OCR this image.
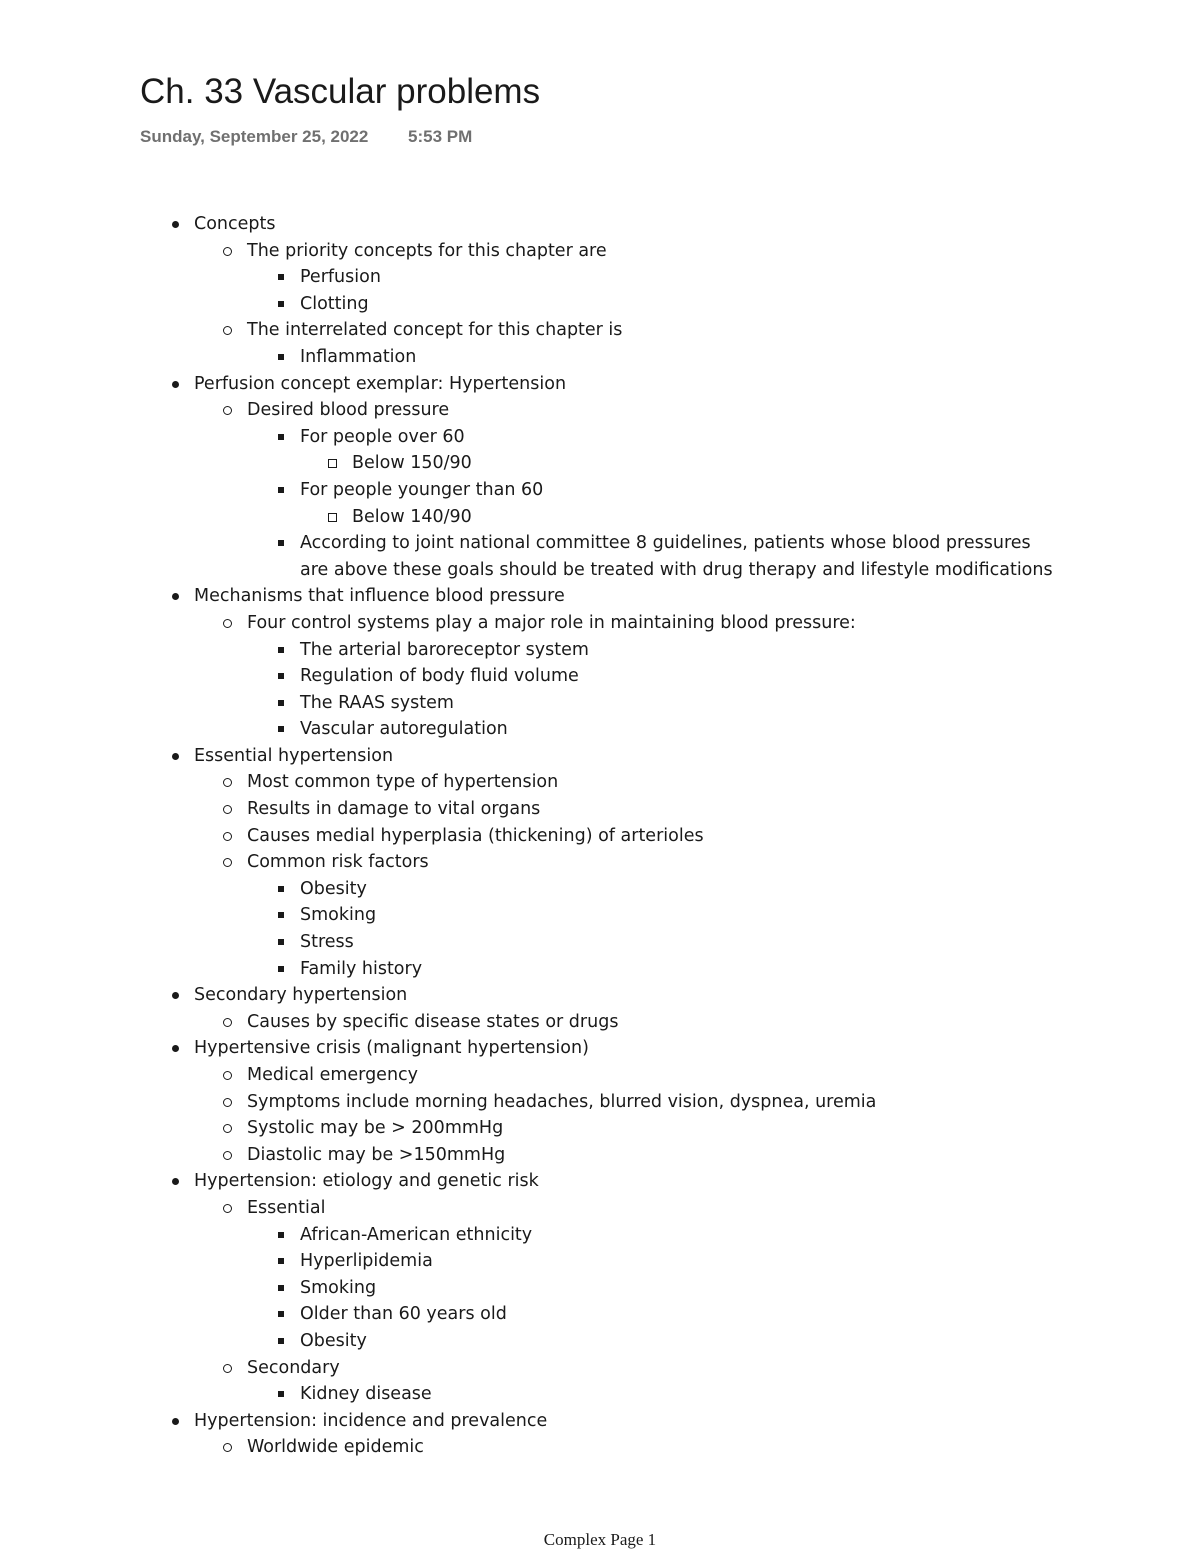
Ch. 33 Vascular problems
Sunday, September 25, 2022 5:53 PM
Concepts
The priority concepts for this chapter are
Perfusion
Clotting
The interrelated concept for this chapter is
Inflammation
Perfusion concept exemplar: Hypertension
Desired blood pressure
For people over 60
Below 150/90
For people younger than 60
Below 140/90
According to joint national committee 8 guidelines, patients whose blood pressures are above these goals should be treated with drug therapy and lifestyle modifications
Mechanisms that influence blood pressure
Four control systems play a major role in maintaining blood pressure:
The arterial baroreceptor system
Regulation of body fluid volume
The RAAS system
Vascular autoregulation
Essential hypertension
Most common type of hypertension
Results in damage to vital organs
Causes medial hyperplasia (thickening) of arterioles
Common risk factors
Obesity
Smoking
Stress
Family history
Secondary hypertension
Causes by specific disease states or drugs
Hypertensive crisis (malignant hypertension)
Medical emergency
Symptoms include morning headaches, blurred vision, dyspnea, uremia
Systolic may be > 200mmHg
Diastolic may be >150mmHg
Hypertension: etiology and genetic risk
Essential
African-American ethnicity
Hyperlipidemia
Smoking
Older than 60 years old
Obesity
Secondary
Kidney disease
Hypertension: incidence and prevalence
Worldwide epidemic
Complex Page 1
